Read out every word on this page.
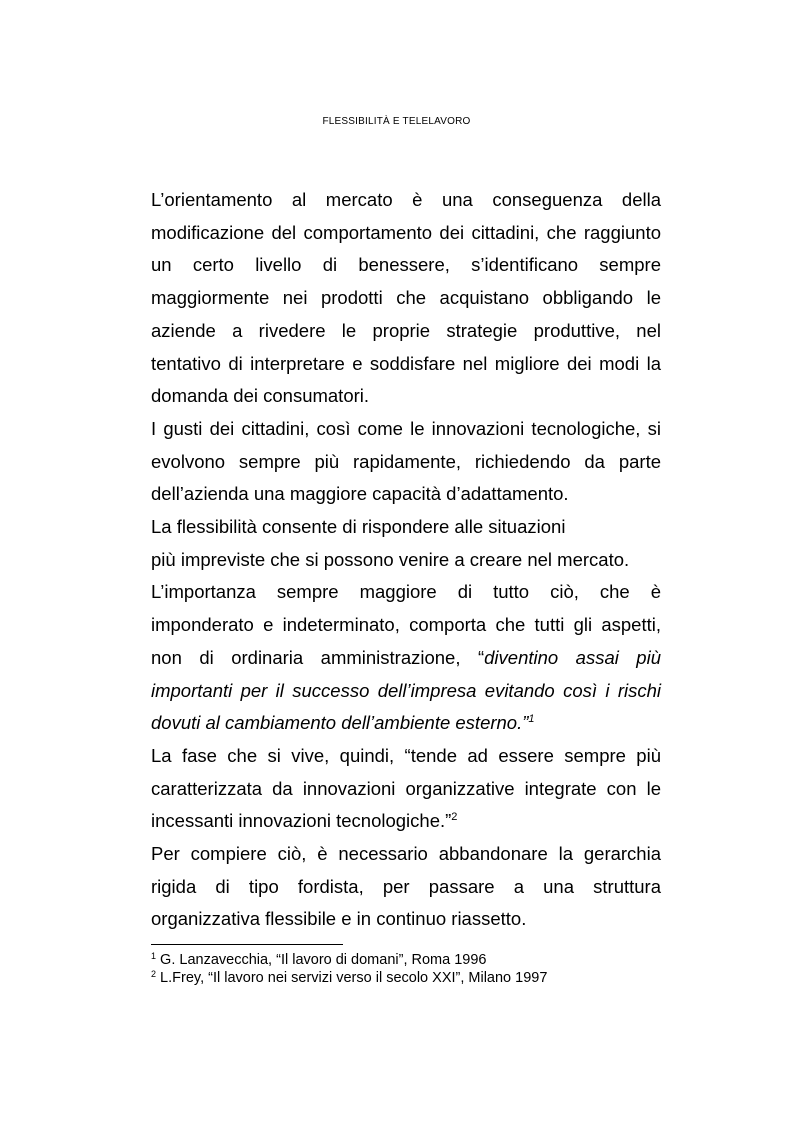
FLESSIBILITÀ E TELELAVORO
L’orientamento al mercato è una conseguenza della
modificazione del comportamento dei cittadini, che raggiunto
un certo livello di benessere, s’identificano sempre
maggiormente nei prodotti che acquistano obbligando le
aziende a rivedere le proprie strategie produttive, nel
tentativo di interpretare e soddisfare nel migliore dei modi la
domanda dei consumatori.
I gusti dei cittadini, così come le innovazioni tecnologiche, si
evolvono sempre più rapidamente, richiedendo da parte
dell’azienda una maggiore capacità d’adattamento.
La flessibilità consente di rispondere alle situazioni
più impreviste che si possono venire a creare nel mercato.
L’importanza sempre maggiore di tutto ciò, che è
imponderato e indeterminato, comporta che tutti gli aspetti,
non di ordinaria amministrazione, “diventino assai più
importanti per il successo dell’impresa evitando così i rischi
dovuti al cambiamento dell’ambiente esterno.”$^1$
La fase che si vive, quindi, “tende ad essere sempre più
caratterizzata da innovazioni organizzative integrate con le
incessanti innovazioni tecnologiche.”$^2$
Per compiere ciò, è necessario abbandonare la gerarchia
rigida di tipo fordista, per passare a una struttura
organizzativa flessibile e in continuo riassetto.
$^1$ G. Lanzavecchia, “Il lavoro di domani”, Roma 1996
$^2$ L.Frey, “Il lavoro nei servizi verso il secolo XXI”, Milano 1997
